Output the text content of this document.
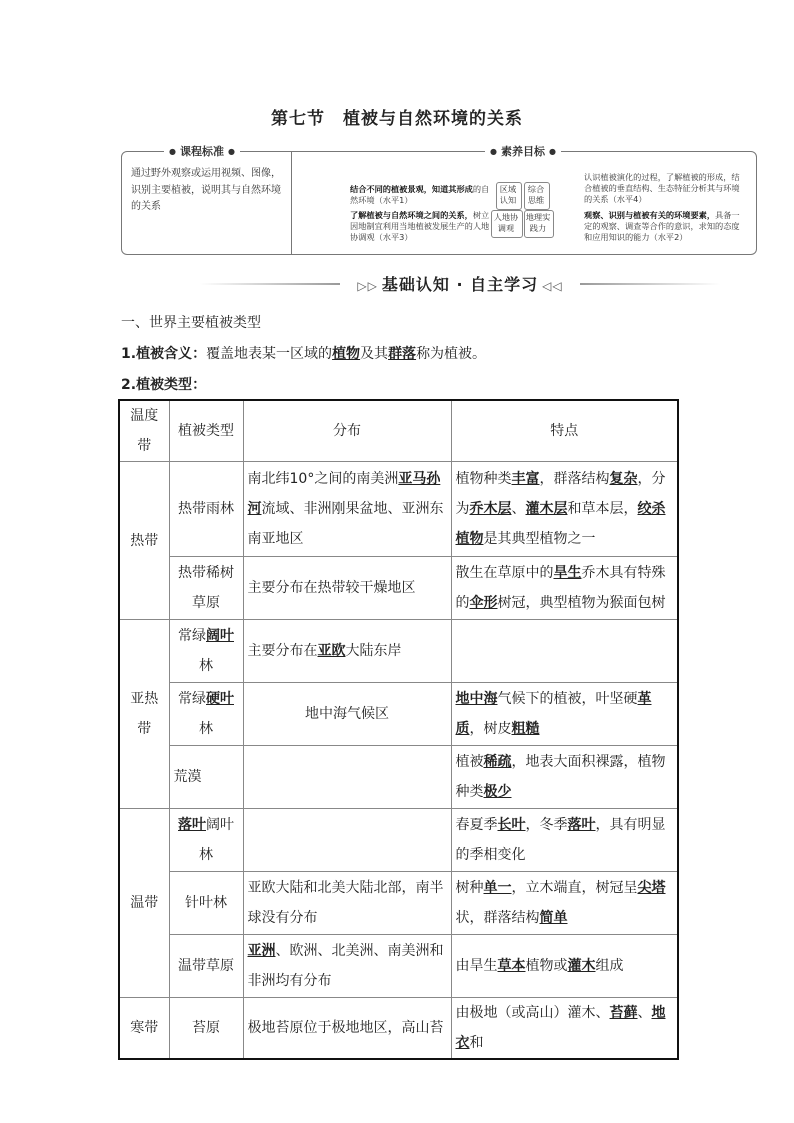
第七节 植被与自然环境的关系
● 课程标准 ●	● 素养目标 ●
通过野外观察或运用视频、图像，识别主要植被，说明其与自然环境的关系
结合不同的植被景观，知道其形成的自然环境（水平1）
了解植被与自然环境之间的关系，树立因地制宜利用当地植被发展生产的人地协调观（水平3）
认识植被演化的过程，了解植被的形成，结合植被的垂直结构、生态特征分析其与环境的关系（水平4）
观察、识别与植被有关的环境要素，具备一定的观察、调查等合作的意识，求知的态度和应用知识的能力（水平2）
区域认知
综合思维
人地协调观
地理实践力
▷▷ 基础认知 · 自主学习 ◁◁
一、世界主要植被类型
1.植被含义：覆盖地表某一区域的植物及其群落称为植被。
2.植被类型：
温度带	植被类型	分布	特点
热带	热带雨林	南北纬10°之间的南美洲亚马孙河流域、非洲刚果盆地、亚洲东南亚地区	植物种类丰富，群落结构复杂，分为乔木层、灌木层和草本层，绞杀植物是其典型植物之一
	热带稀树草原	主要分布在热带较干燥地区	散生在草原中的旱生乔木具有特殊的伞形树冠，典型植物为猴面包树
亚热带	常绿阔叶林	主要分布在亚欧大陆东岸	
	常绿硬叶林	地中海气候区	地中海气候下的植被，叶坚硬革质，树皮粗糙
	荒漠		植被稀疏，地表大面积裸露，植物种类极少
温带	落叶阔叶林		春夏季长叶，冬季落叶，具有明显的季相变化
	针叶林	亚欧大陆和北美大陆北部，南半球没有分布	树种单一，立木端直，树冠呈尖塔状，群落结构简单
	温带草原	亚洲、欧洲、北美洲、南美洲和非洲均有分布	由旱生草本植物或灌木组成
寒带	苔原	极地苔原位于极地地区，高山苔	由极地（或高山）灌木、苔藓、地衣和
